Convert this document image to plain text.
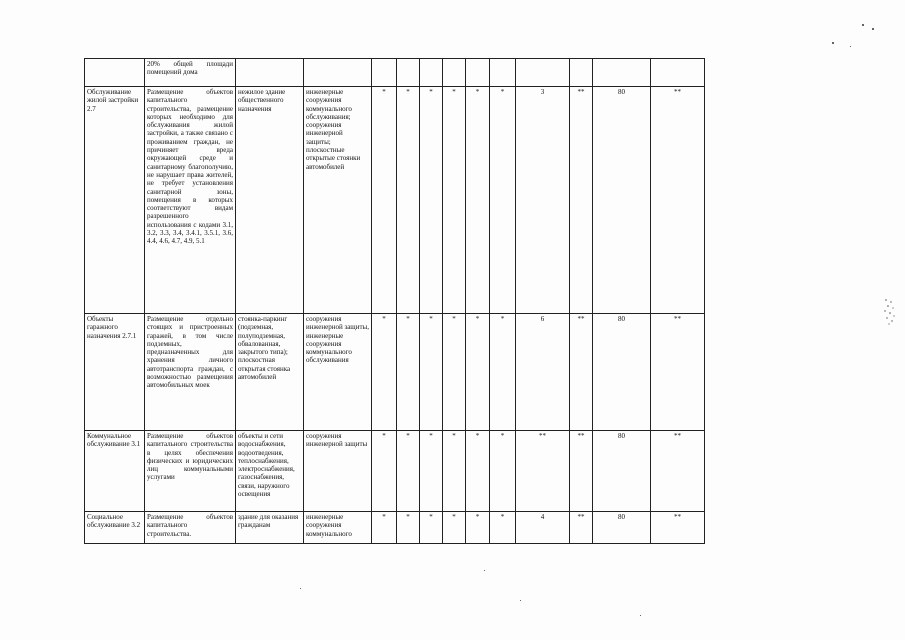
	20% общей площади помещений дома													
Обслуживание жилой застройки 2.7	Размещение объектов капитального строительства, размещение которых необходимо для обслуживания жилой застройки, а также связано с проживанием граждан, не причиняет вреда окружающей среде и санитарному благополучию, не нарушает права жителей, не требует установления санитарной зоны, помещения в которых соответствуют видам разрешенного использования с кодами 3.1, 3.2, 3.3, 3.4, 3.4.1, 3.5.1, 3.6, 4.4, 4.6, 4.7, 4.9, 5.1	нежилое здание общественного назначения	инженерные сооружения коммунального обслуживания; сооружения инженерной защиты; плоскостные открытые стоянки автомобилей	*	*	*	*	*	*	3	**	80	**	
Объекты гаражного назначения 2.7.1	Размещение отдельно стоящих и пристроенных гаражей, в том числе подземных, предназначенных для хранения личного автотранспорта граждан, с возможностью размещения автомобильных моек	стоянка-паркинг (подземная, полуподземная, обвалованная, закрытого типа); плоскостная открытая стоянка автомобилей	сооружения инженерной защиты, инженерные сооружения коммунального обслуживания	*	*	*	*	*	*	6	**	80	**	
Коммунальное обслуживание 3.1	Размещение объектов капитального строительства в целях обеспечения физических и юридических лиц коммунальными услугами	объекты и сети водоснабжения, водоотведения, теплоснабжения, электроснабжения, газоснабжения, связи, наружного освещения	сооружения инженерной защиты	*	*	*	*	*	*	**	**	80	**	
Социальное обслуживание 3.2	Размещение объектов капитального строительства.	здание для оказания гражданам	инженерные сооружения коммунального	*	*	*	*	*	*	4	**	80	**	
